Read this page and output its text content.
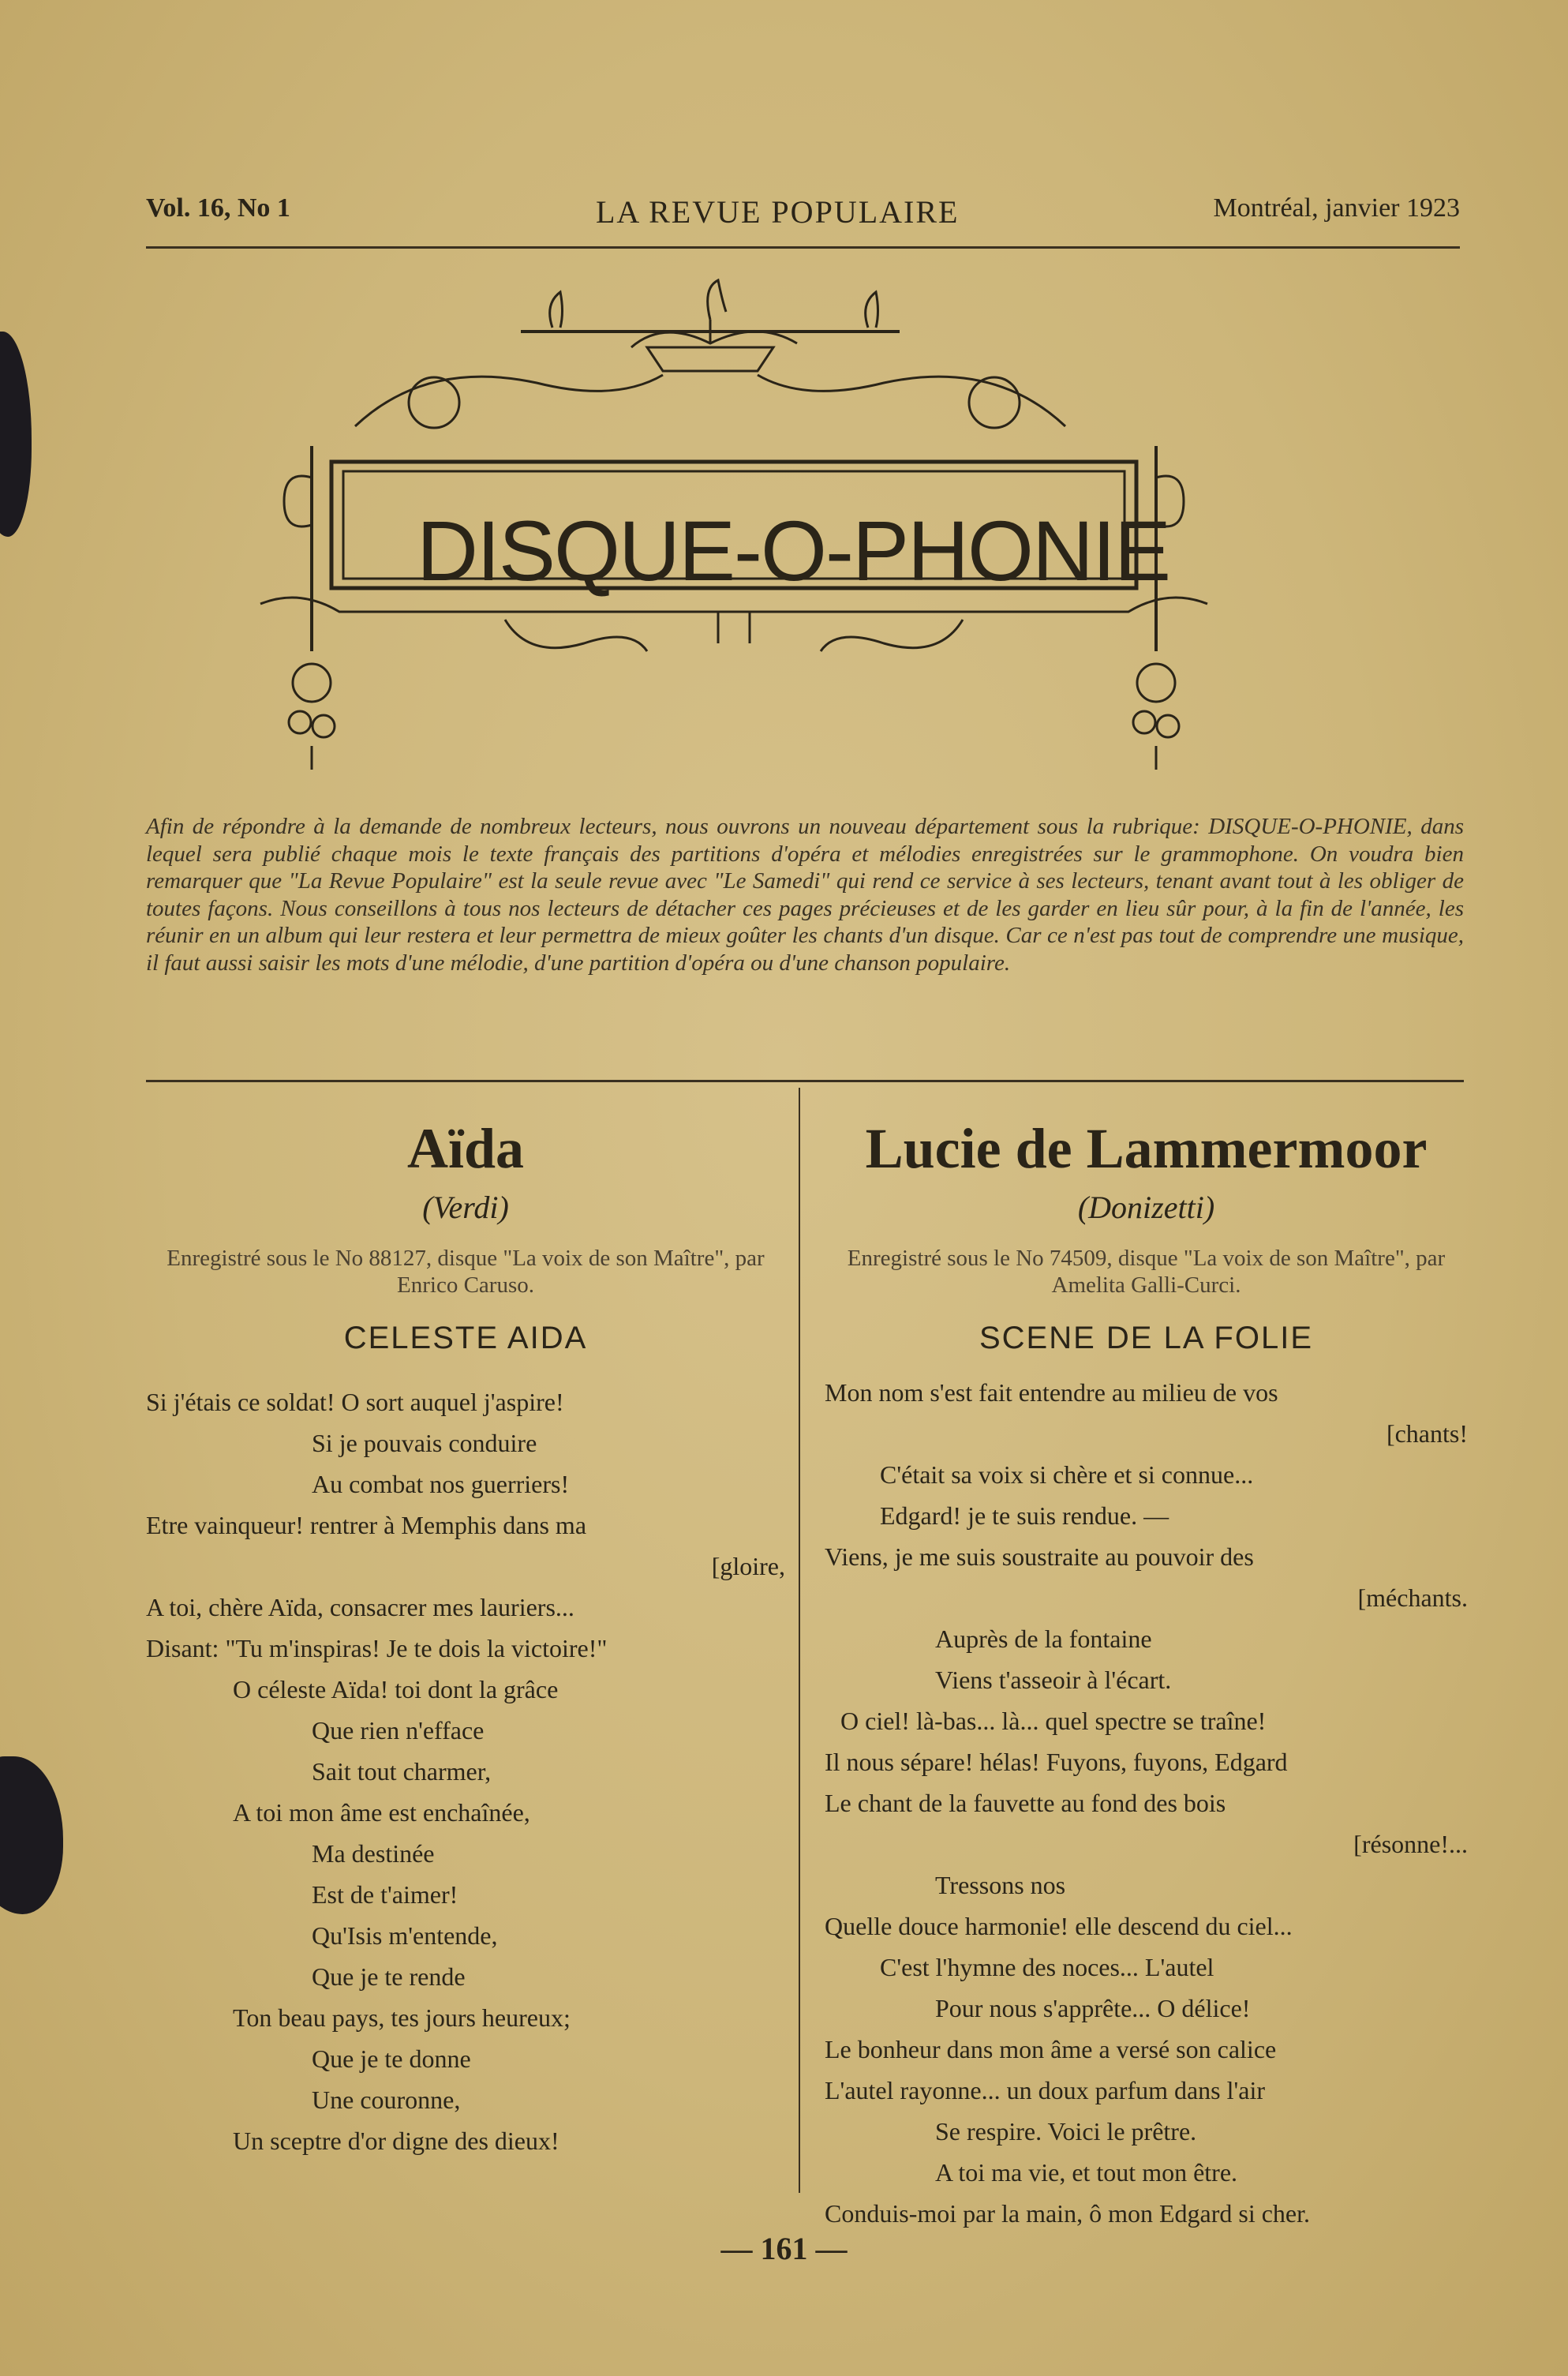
Vol. 16, No 1	LA REVUE POPULAIRE	Montréal, janvier 1923
DISQUE-O-PHONIE
Afin de répondre à la demande de nombreux lecteurs, nous ouvrons un nouveau département sous la rubrique: DISQUE-O-PHONIE, dans lequel sera publié chaque mois le texte français des partitions d'opéra et mélodies enregistrées sur le grammophone. On voudra bien remarquer que "La Revue Populaire" est la seule revue avec "Le Samedi" qui rend ce service à ses lecteurs, tenant avant tout à les obliger de toutes façons. Nous conseillons à tous nos lecteurs de détacher ces pages précieuses et de les garder en lieu sûr pour, à la fin de l'année, les réunir en un album qui leur restera et leur permettra de mieux goûter les chants d'un disque. Car ce n'est pas tout de comprendre une musique, il faut aussi saisir les mots d'une mélodie, d'une partition d'opéra ou d'une chanson populaire.
Aïda
(Verdi)
Enregistré sous le No 88127, disque "La voix de son Maître", par Enrico Caruso.
CELESTE AIDA
Si j'étais ce soldat! O sort auquel j'aspire!
Si je pouvais conduire
Au combat nos guerriers!
Etre vainqueur! rentrer à Memphis dans ma
[gloire,
A toi, chère Aïda, consacrer mes lauriers...
Disant: "Tu m'inspiras! Je te dois la victoire!"
O céleste Aïda! toi dont la grâce
Que rien n'efface
Sait tout charmer,
A toi mon âme est enchaînée,
Ma destinée
Est de t'aimer!
Qu'Isis m'entende,
Que je te rende
Ton beau pays, tes jours heureux;
Que je te donne
Une couronne,
Un sceptre d'or digne des dieux!
Lucie de Lammermoor
(Donizetti)
Enregistré sous le No 74509, disque "La voix de son Maître", par Amelita Galli-Curci.
SCENE DE LA FOLIE
Mon nom s'est fait entendre au milieu de vos
[chants!
C'était sa voix si chère et si connue...
Edgard! je te suis rendue. —
Viens, je me suis soustraite au pouvoir des
[méchants.
Auprès de la fontaine
Viens t'asseoir à l'écart.
O ciel! là-bas... là... quel spectre se traîne!
Il nous sépare! hélas! Fuyons, fuyons, Edgard
Le chant de la fauvette au fond des bois
[résonne!...
Tressons nos
Quelle douce harmonie! elle descend du ciel...
C'est l'hymne des noces... L'autel
Pour nous s'apprête... O délice!
Le bonheur dans mon âme a versé son calice
L'autel rayonne... un doux parfum dans l'air
Se respire. Voici le prêtre.
A toi ma vie, et tout mon être.
Conduis-moi par la main, ô mon Edgard si cher.
— 161 —
